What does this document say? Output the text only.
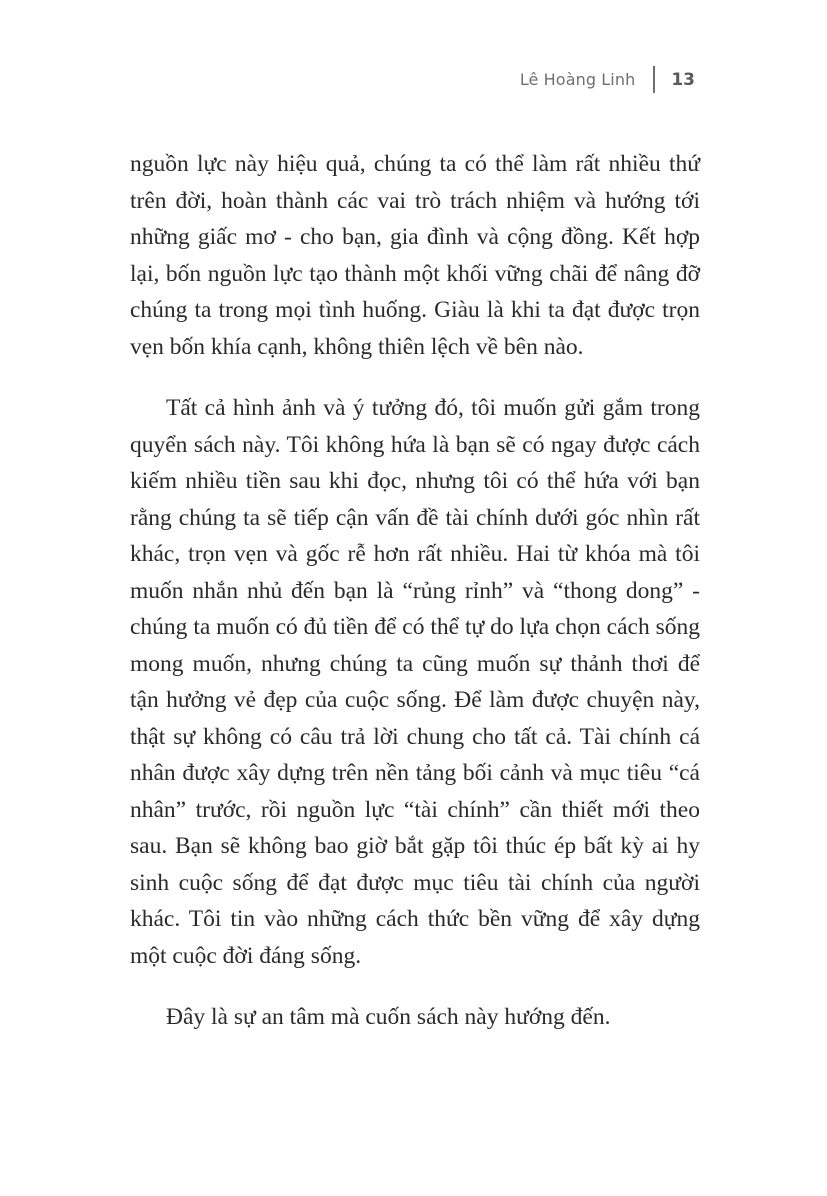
Lê Hoàng Linh 13
nguồn lực này hiệu quả, chúng ta có thể làm rất nhiều thứ
trên đời, hoàn thành các vai trò trách nhiệm và hướng tới
những giấc mơ - cho bạn, gia đình và cộng đồng. Kết hợp
lại, bốn nguồn lực tạo thành một khối vững chãi để nâng đỡ
chúng ta trong mọi tình huống. Giàu là khi ta đạt được trọn
vẹn bốn khía cạnh, không thiên lệch về bên nào.
Tất cả hình ảnh và ý tưởng đó, tôi muốn gửi gắm trong
quyển sách này. Tôi không hứa là bạn sẽ có ngay được cách
kiếm nhiều tiền sau khi đọc, nhưng tôi có thể hứa với bạn
rằng chúng ta sẽ tiếp cận vấn đề tài chính dưới góc nhìn rất
khác, trọn vẹn và gốc rễ hơn rất nhiều. Hai từ khóa mà tôi
muốn nhắn nhủ đến bạn là “rủng rỉnh” và “thong dong” -
chúng ta muốn có đủ tiền để có thể tự do lựa chọn cách sống
mong muốn, nhưng chúng ta cũng muốn sự thảnh thơi để
tận hưởng vẻ đẹp của cuộc sống. Để làm được chuyện này,
thật sự không có câu trả lời chung cho tất cả. Tài chính cá
nhân được xây dựng trên nền tảng bối cảnh và mục tiêu “cá
nhân” trước, rồi nguồn lực “tài chính” cần thiết mới theo
sau. Bạn sẽ không bao giờ bắt gặp tôi thúc ép bất kỳ ai hy
sinh cuộc sống để đạt được mục tiêu tài chính của người
khác. Tôi tin vào những cách thức bền vững để xây dựng
một cuộc đời đáng sống.
Đây là sự an tâm mà cuốn sách này hướng đến.
